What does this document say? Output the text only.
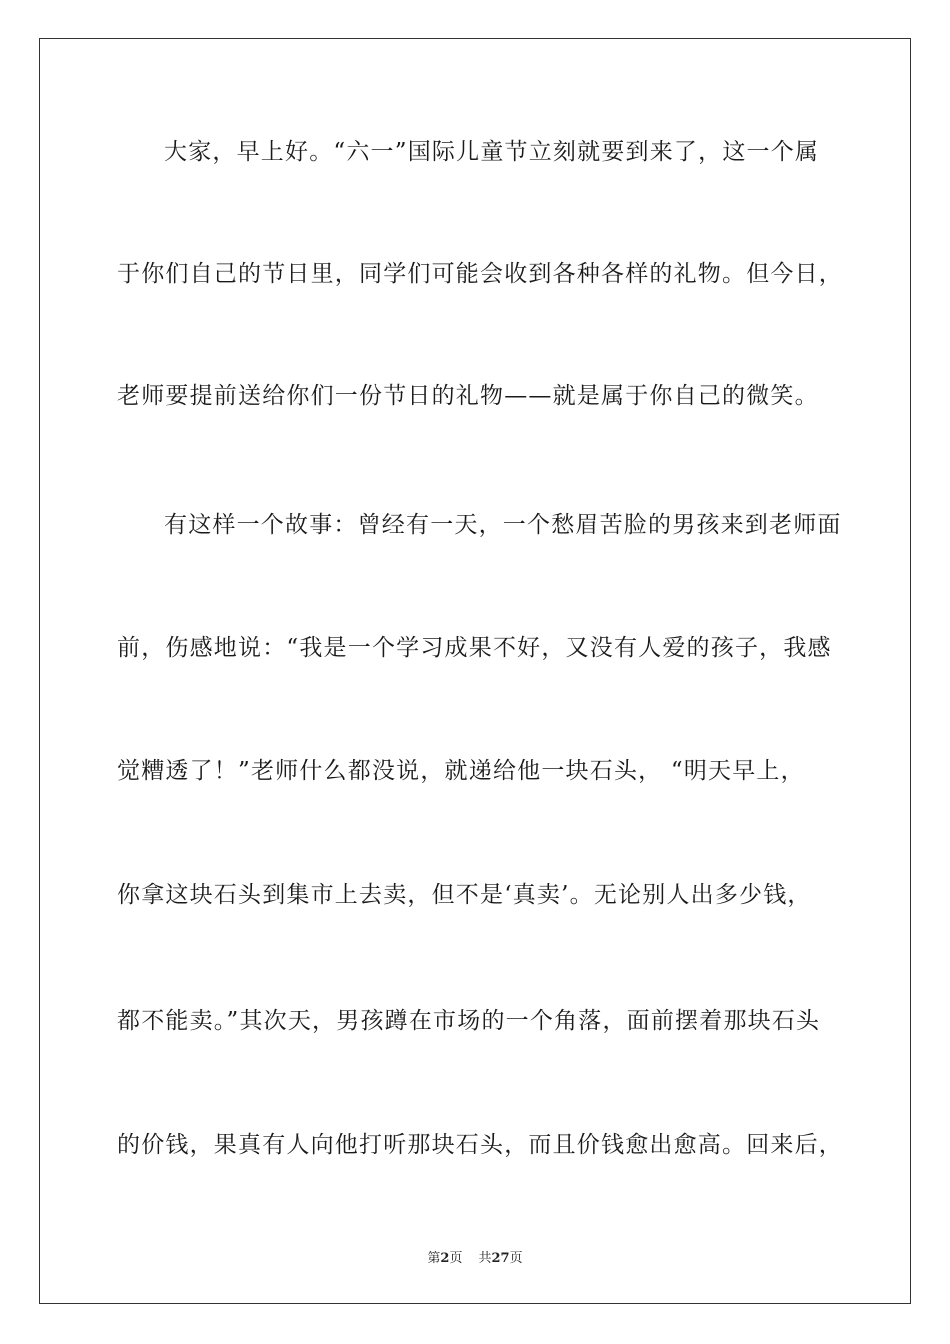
大家，早上好。“六一”国际儿童节立刻就要到来了，这一个属
于你们自己的节日里，同学们可能会收到各种各样的礼物。但今日，
老师要提前送给你们一份节日的礼物——就是属于你自己的微笑。
有这样一个故事：曾经有一天，一个愁眉苦脸的男孩来到老师面
前，伤感地说：“我是一个学习成果不好，又没有人爱的孩子，我感
觉糟透了！”老师什么都没说，就递给他一块石头， “明天早上，
你拿这块石头到集市上去卖，但不是‘真卖’。无论别人出多少钱，
都不能卖。”其次天，男孩蹲在市场的一个角落，面前摆着那块石头
的价钱，果真有人向他打听那块石头，而且价钱愈出愈高。回来后，
第2页 共27页
